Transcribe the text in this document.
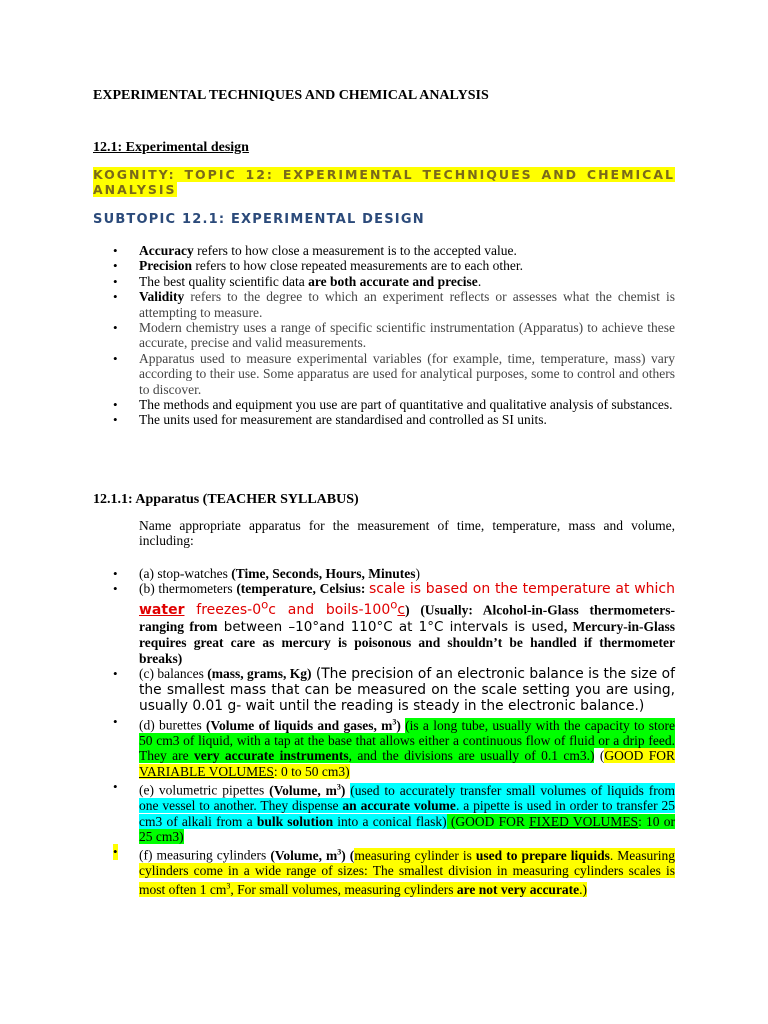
EXPERIMENTAL TECHNIQUES AND CHEMICAL ANALYSIS
12.1: Experimental design
KOGNITY: TOPIC 12: EXPERIMENTAL TECHNIQUES AND CHEMICAL ANALYSIS
SUBTOPIC 12.1: EXPERIMENTAL DESIGN
• Accuracy refers to how close a measurement is to the accepted value.
• Precision refers to how close repeated measurements are to each other.
• The best quality scientific data are both accurate and precise.
• Validity refers to the degree to which an experiment reflects or assesses what the chemist is attempting to measure.
• Modern chemistry uses a range of specific scientific instrumentation (Apparatus) to achieve these accurate, precise and valid measurements.
• Apparatus used to measure experimental variables (for example, time, temperature, mass) vary according to their use. Some apparatus are used for analytical purposes, some to control and others to discover.
• The methods and equipment you use are part of quantitative and qualitative analysis of substances.
• The units used for measurement are standardised and controlled as SI units.
12.1.1: Apparatus (TEACHER SYLLABUS)
Name appropriate apparatus for the measurement of time, temperature, mass and volume, including:
• (a) stop-watches (Time, Seconds, Hours, Minutes)
• (b) thermometers (temperature, Celsius: scale is based on the temperature at which water freezes-0$^o$c and boils-100$^o$c) (Usually: Alcohol-in-Glass thermometers-ranging from between –10°and 110°C at 1°C intervals is used, Mercury-in-Glass requires great care as mercury is poisonous and shouldn’t be handled if thermometer breaks)
• (c) balances (mass, grams, Kg) (The precision of an electronic balance is the size of the smallest mass that can be measured on the scale setting you are using, usually 0.01 g- wait until the reading is steady in the electronic balance.)
• (d) burettes (Volume of liquids and gases, $m^3$) (is a long tube, usually with the capacity to store 50 cm3 of liquid, with a tap at the base that allows either a continuous flow of fluid or a drip feed. They are very accurate instruments, and the divisions are usually of 0.1 cm3.) (GOOD FOR VARIABLE VOLUMES: 0 to 50 cm3)
• (e) volumetric pipettes (Volume, $m^3$) (used to accurately transfer small volumes of liquids from one vessel to another. They dispense an accurate volume. a pipette is used in order to transfer 25 cm3 of alkali from a bulk solution into a conical flask) (GOOD FOR FIXED VOLUMES: 10 or 25 cm3)
• (f) measuring cylinders (Volume, $m^3$) (measuring cylinder is used to prepare liquids. Measuring cylinders come in a wide range of sizes: The smallest division in measuring cylinders scales is most often 1 $cm^3$, For small volumes, measuring cylinders are not very accurate.)
